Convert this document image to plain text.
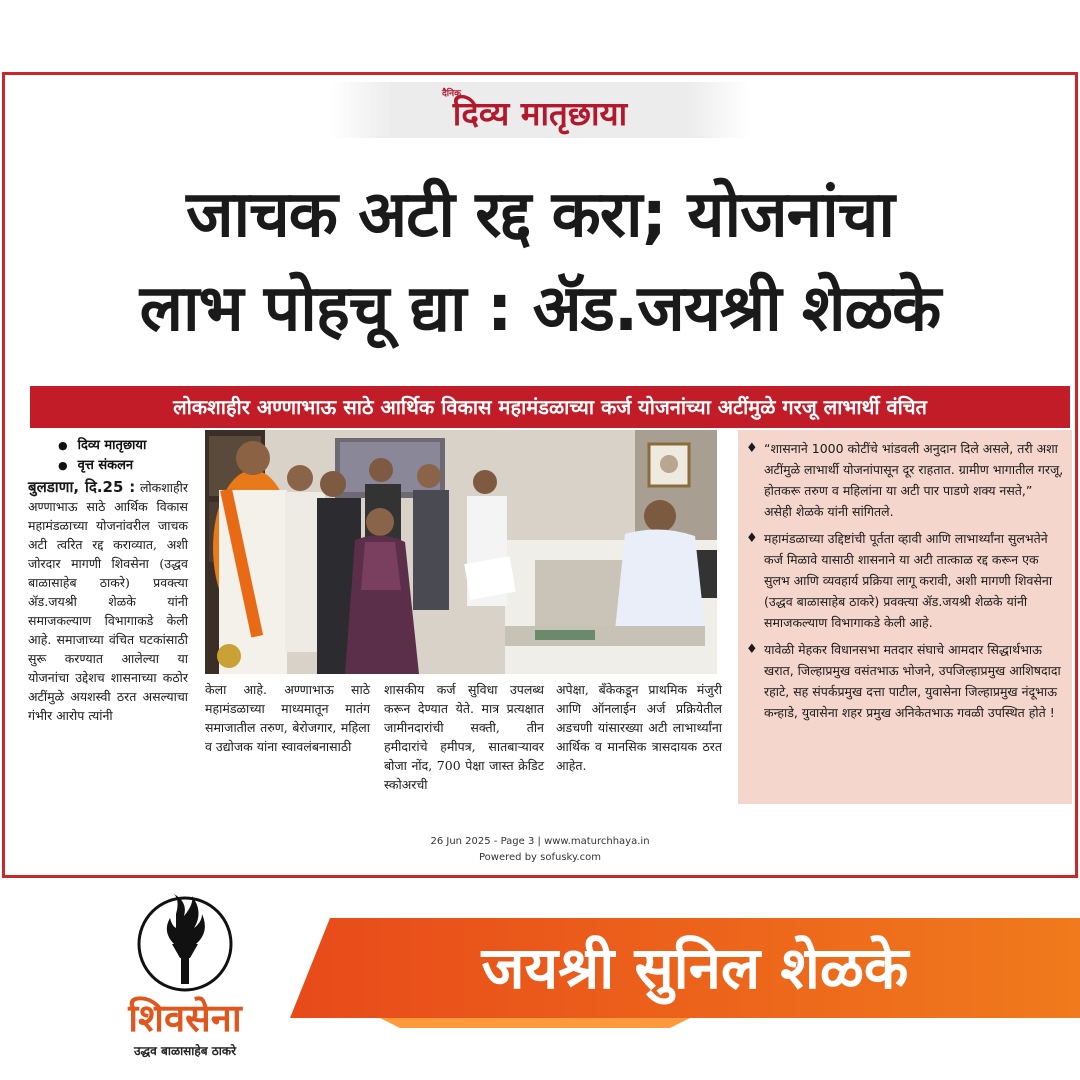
दैनिक
दिव्य मातृछाया
जाचक अटी रद्द करा; योजनांचा
लाभ पोहचू द्या : ॲड.जयश्री शेळके
लोकशाहीर अण्णाभाऊ साठे आर्थिक विकास महामंडळाच्या कर्ज योजनांच्या अटींमुळे गरजू लाभार्थी वंचित
● दिव्य मातृछाया
● वृत्त संकलन
बुलडाणा, दि.25 : लोकशाहीर अण्णाभाऊ साठे आर्थिक विकास महामंडळाच्या योजनांवरील जाचक अटी त्वरित रद्द कराव्यात, अशी जोरदार मागणी शिवसेना (उद्धव बाळासाहेब ठाकरे) प्रवक्त्या ॲड.जयश्री शेळके यांनी समाजकल्याण विभागाकडे केली आहे. समाजाच्या वंचित घटकांसाठी सुरू करण्यात आलेल्या या योजनांचा उद्देशच शासनाच्या कठोर अटींमुळे अयशस्वी ठरत असल्याचा गंभीर आरोप त्यांनी
केला आहे. अण्णाभाऊ साठे महामंडळाच्या माध्यमातून मातंग समाजातील तरुण, बेरोजगार, महिला व उद्योजक यांना स्वावलंबनासाठी
शासकीय कर्ज सुविधा उपलब्ध करून देण्यात येते. मात्र प्रत्यक्षात जामीनदारांची सक्ती, तीन हमीदारांचे हमीपत्र, सातबाऱ्यावर बोजा नोंद, 700 पेक्षा जास्त क्रेडिट स्कोअरची
अपेक्षा, बँकेकडून प्राथमिक मंजुरी आणि ऑनलाईन अर्ज प्रक्रियेतील अडचणी यांसारख्या अटी लाभार्थ्यांना आर्थिक व मानसिक त्रासदायक ठरत आहेत.

♦ “शासनाने 1000 कोटींचे भांडवली अनुदान दिले असले, तरी अशा अटींमुळे लाभार्थी योजनांपासून दूर राहतात. ग्रामीण भागातील गरजू, होतकरू तरुण व महिलांना या अटी पार पाडणे शक्य नसते,” असेही शेळके यांनी सांगितले.

♦ महामंडळाच्या उद्दिष्टांची पूर्तता व्हावी आणि लाभार्थ्यांना सुलभतेने कर्ज मिळावे यासाठी शासनाने या अटी तात्काळ रद्द करून एक सुलभ आणि व्यवहार्य प्रक्रिया लागू करावी, अशी मागणी शिवसेना (उद्धव बाळासाहेब ठाकरे) प्रवक्त्या ॲड.जयश्री शेळके यांनी समाजकल्याण विभागाकडे केली आहे.

♦ यावेळी मेहकर विधानसभा मतदार संघाचे आमदार सिद्धार्थभाऊ खरात, जिल्हाप्रमुख वसंतभाऊ भोजने, उपजिल्हाप्रमुख आशिषदादा रहाटे, सह संपर्कप्रमुख दत्ता पाटील, युवासेना जिल्हाप्रमुख नंदूभाऊ कन्हाडे, युवासेना शहर प्रमुख अनिकेतभाऊ गवळी उपस्थित होते !

26 Jun 2025 - Page 3 | www.maturchhaya.in
Powered by sofusky.com
शिवसेना
उद्धव बाळासाहेब ठाकरे
जयश्री सुनिल शेळके
